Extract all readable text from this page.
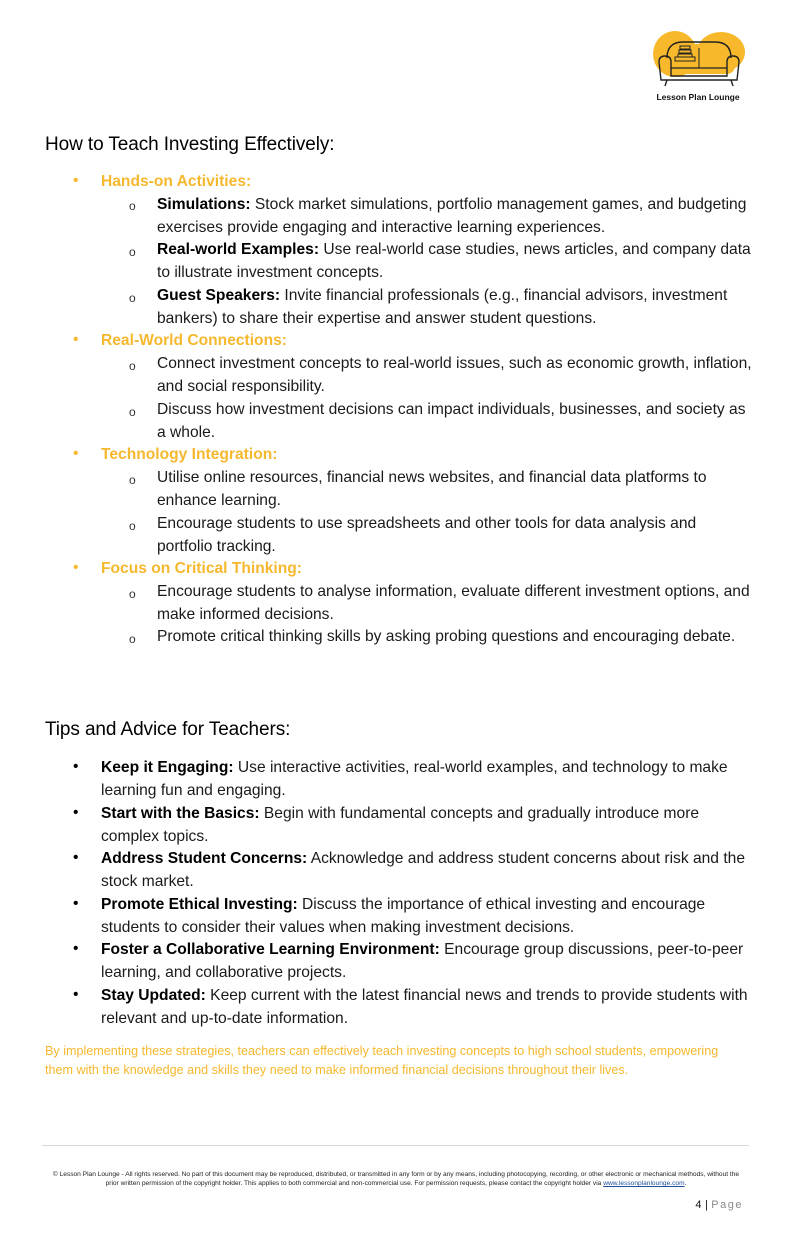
Lesson Plan Lounge
How to Teach Investing Effectively:
• Hands-on Activities:
o Simulations: Stock market simulations, portfolio management games, and budgeting exercises provide engaging and interactive learning experiences.
o Real-world Examples: Use real-world case studies, news articles, and company data to illustrate investment concepts.
o Guest Speakers: Invite financial professionals (e.g., financial advisors, investment bankers) to share their expertise and answer student questions.
• Real-World Connections:
o Connect investment concepts to real-world issues, such as economic growth, inflation, and social responsibility.
o Discuss how investment decisions can impact individuals, businesses, and society as a whole.
• Technology Integration:
o Utilise online resources, financial news websites, and financial data platforms to enhance learning.
o Encourage students to use spreadsheets and other tools for data analysis and portfolio tracking.
• Focus on Critical Thinking:
o Encourage students to analyse information, evaluate different investment options, and make informed decisions.
o Promote critical thinking skills by asking probing questions and encouraging debate.
Tips and Advice for Teachers:
• Keep it Engaging: Use interactive activities, real-world examples, and technology to make learning fun and engaging.
• Start with the Basics: Begin with fundamental concepts and gradually introduce more complex topics.
• Address Student Concerns: Acknowledge and address student concerns about risk and the stock market.
• Promote Ethical Investing: Discuss the importance of ethical investing and encourage students to consider their values when making investment decisions.
• Foster a Collaborative Learning Environment: Encourage group discussions, peer-to-peer learning, and collaborative projects.
• Stay Updated: Keep current with the latest financial news and trends to provide students with relevant and up-to-date information.
By implementing these strategies, teachers can effectively teach investing concepts to high school students, empowering them with the knowledge and skills they need to make informed financial decisions throughout their lives.
© Lesson Plan Lounge - All rights reserved. No part of this document may be reproduced, distributed, or transmitted in any form or by any means, including photocopying, recording, or other electronic or mechanical methods, without the prior written permission of the copyright holder. This applies to both commercial and non-commercial use. For permission requests, please contact the copyright holder via www.lessonplanlounge.com.
4 | Page
